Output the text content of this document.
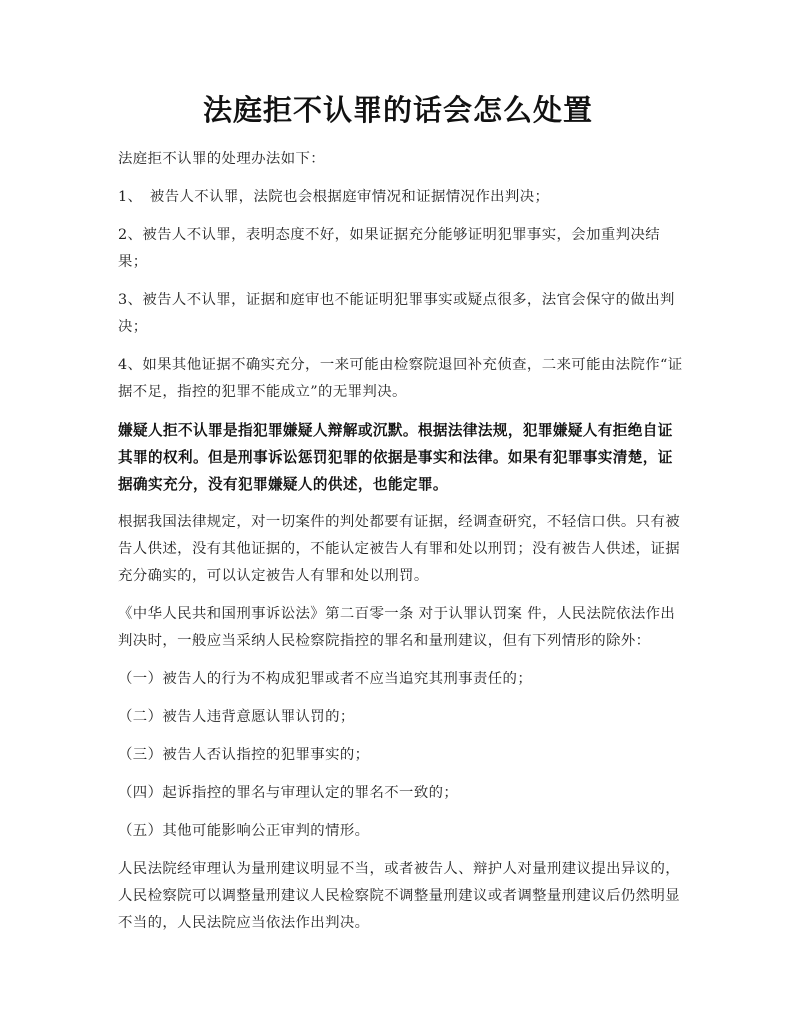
法庭拒不认罪的话会怎么处置

法庭拒不认罪的处理办法如下：

1、　被告人不认罪，法院也会根据庭审情况和证据情况作出判决；

2、被告人不认罪，表明态度不好，如果证据充分能够证明犯罪事实，会加重判决结果；

3、被告人不认罪，证据和庭审也不能证明犯罪事实或疑点很多，法官会保守的做出判决；

4、如果其他证据不确实充分，一来可能由检察院退回补充侦查，二来可能由法院作“证据不足，指控的犯罪不能成立”的无罪判决。

嫌疑人拒不认罪是指犯罪嫌疑人辩解或沉默。根据法律法规，犯罪嫌疑人有拒绝自证其罪的权利。但是刑事诉讼惩罚犯罪的依据是事实和法律。如果有犯罪事实清楚，证据确实充分，没有犯罪嫌疑人的供述，也能定罪。

根据我国法律规定，对一切案件的判处都要有证据，经调查研究，不轻信口供。只有被告人供述，没有其他证据的，不能认定被告人有罪和处以刑罚；没有被告人供述，证据充分确实的，可以认定被告人有罪和处以刑罚。

《中华人民共和国刑事诉讼法》第二百零一条 对于认罪认罚案 件，人民法院依法作出判决时，一般应当采纳人民检察院指控的罪名和量刑建议，但有下列情形的除外：

（一）被告人的行为不构成犯罪或者不应当追究其刑事责任的；

（二）被告人违背意愿认罪认罚的；

（三）被告人否认指控的犯罪事实的；

（四）起诉指控的罪名与审理认定的罪名不一致的；

（五）其他可能影响公正审判的情形。

人民法院经审理认为量刑建议明显不当，或者被告人、辩护人对量刑建议提出异议的，人民检察院可以调整量刑建议人民检察院不调整量刑建议或者调整量刑建议后仍然明显不当的，人民法院应当依法作出判决。
